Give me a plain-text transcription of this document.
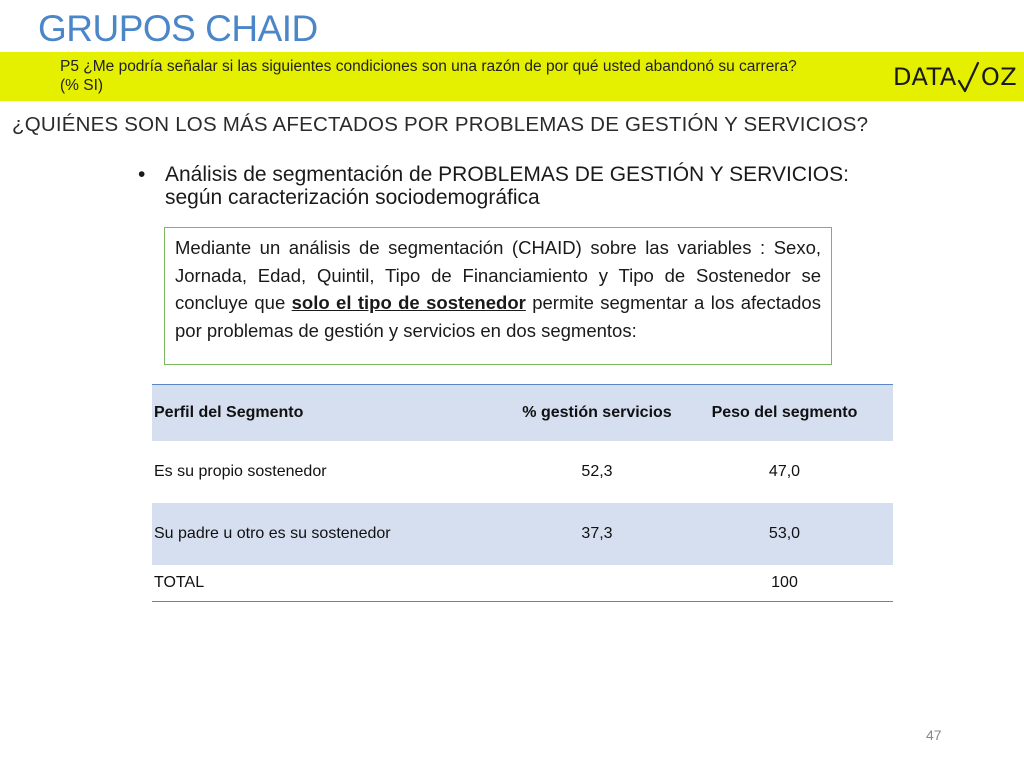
GRUPOS CHAID
P5 ¿Me podría señalar si las siguientes condiciones son una razón de por qué usted abandonó su carrera?
(% SI)	DATA OZ
¿QUIÉNES SON LOS MÁS AFECTADOS POR PROBLEMAS DE GESTIÓN Y SERVICIOS?
• Análisis de segmentación de PROBLEMAS DE GESTIÓN Y SERVICIOS:
según caracterización sociodemográfica
Mediante un análisis de segmentación (CHAID) sobre las variables : Sexo, Jornada, Edad, Quintil, Tipo de Financiamiento y Tipo de Sostenedor se concluye que solo el tipo de sostenedor permite segmentar a los afectados por problemas de gestión y servicios en dos segmentos:
Perfil del Segmento	% gestión servicios	Peso del segmento
Es su propio sostenedor	52,3	47,0
Su padre u otro es su sostenedor	37,3	53,0
TOTAL		100
47
